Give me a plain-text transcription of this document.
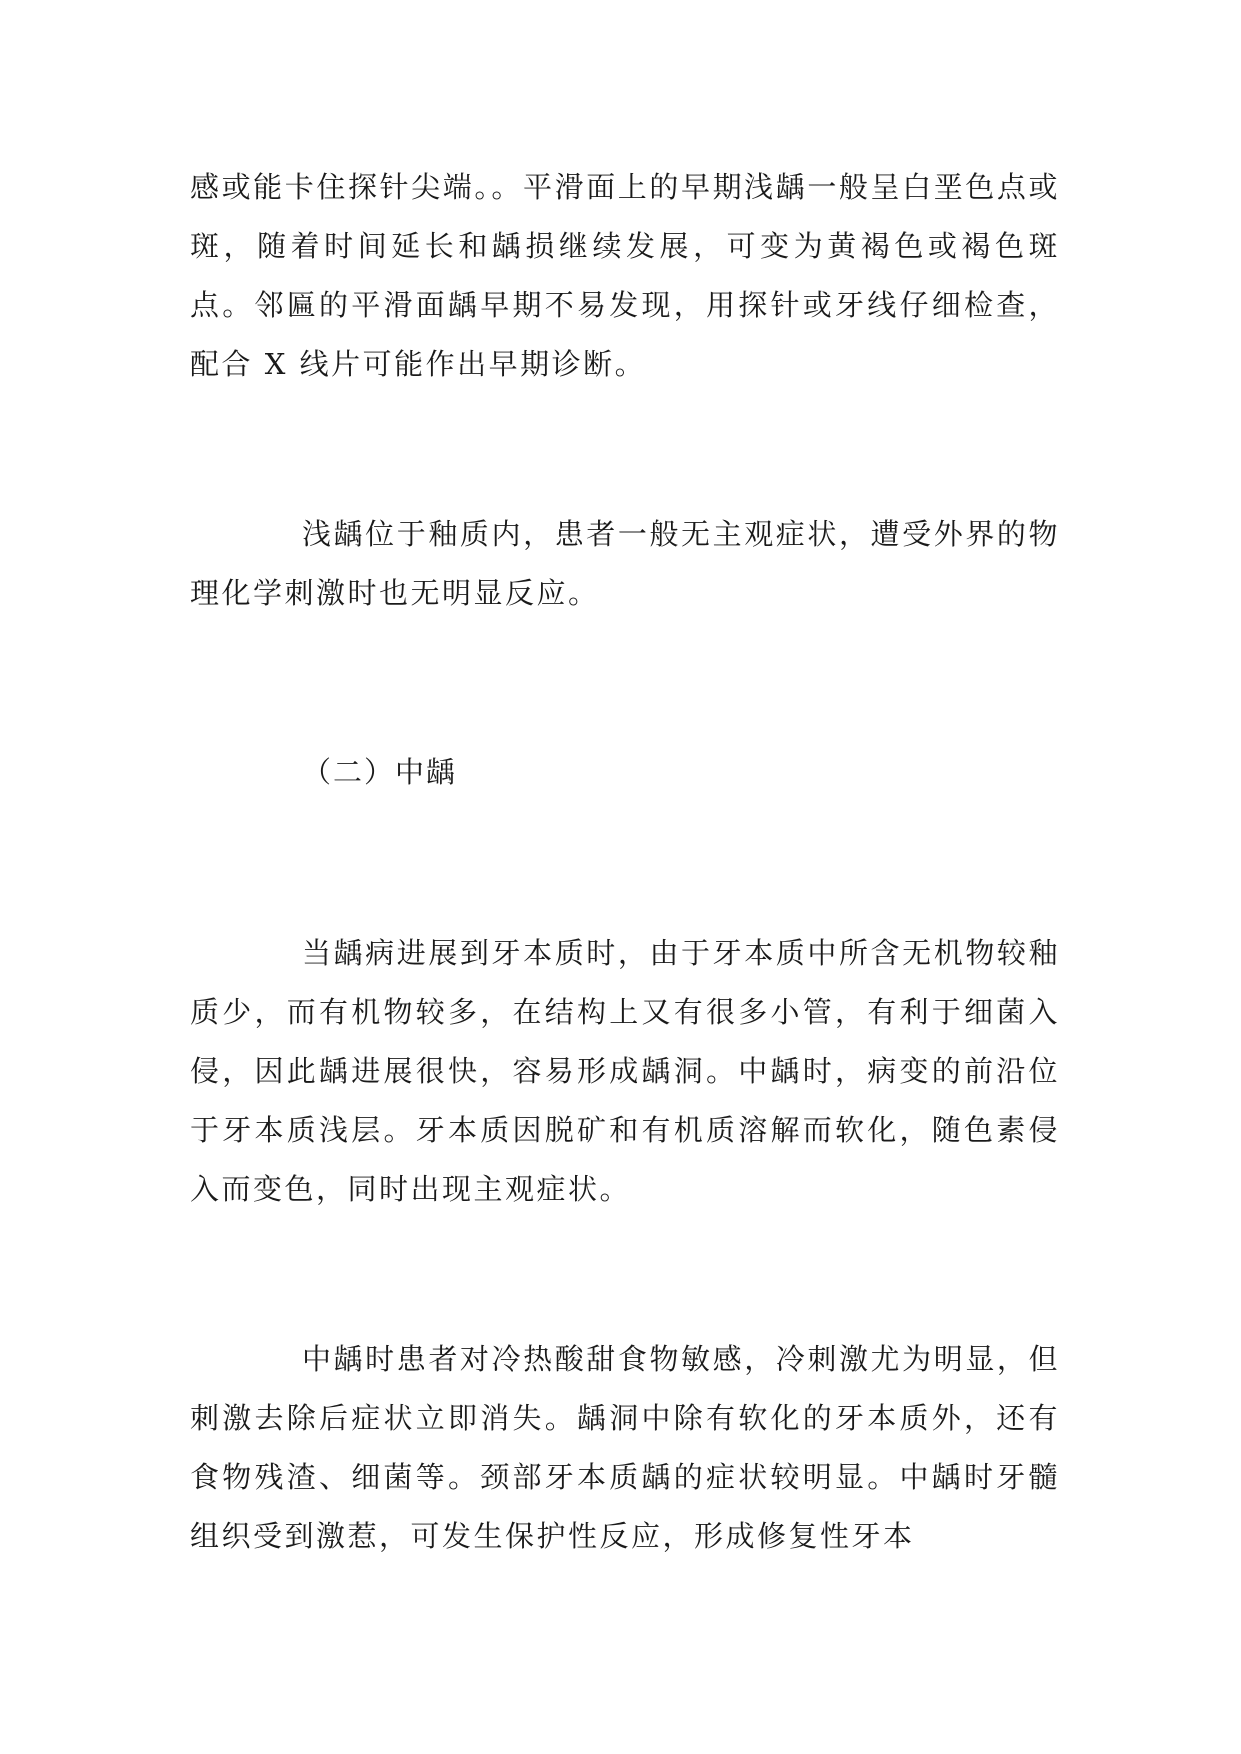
感或能卡住探针尖端。。平滑面上的早期浅龋一般呈白垩色点或斑，随着时间延长和龋损继续发展，可变为黄褐色或褐色斑点。邻匾的平滑面龋早期不易发现，用探针或牙线仔细检查，配合 X 线片可能作出早期诊断。

浅龋位于釉质内，患者一般无主观症状，遭受外界的物理化学刺激时也无明显反应。

（二）中龋

当龋病进展到牙本质时，由于牙本质中所含无机物较釉质少，而有机物较多，在结构上又有很多小管，有利于细菌入侵，因此龋进展很快，容易形成龋洞。中龋时，病变的前沿位于牙本质浅层。牙本质因脱矿和有机质溶解而软化，随色素侵入而变色，同时出现主观症状。

中龋时患者对冷热酸甜食物敏感，冷刺激尤为明显，但刺激去除后症状立即消失。龋洞中除有软化的牙本质外，还有食物残渣、细菌等。颈部牙本质龋的症状较明显。中龋时牙髓组织受到激惹，可发生保护性反应，形成修复性牙本
